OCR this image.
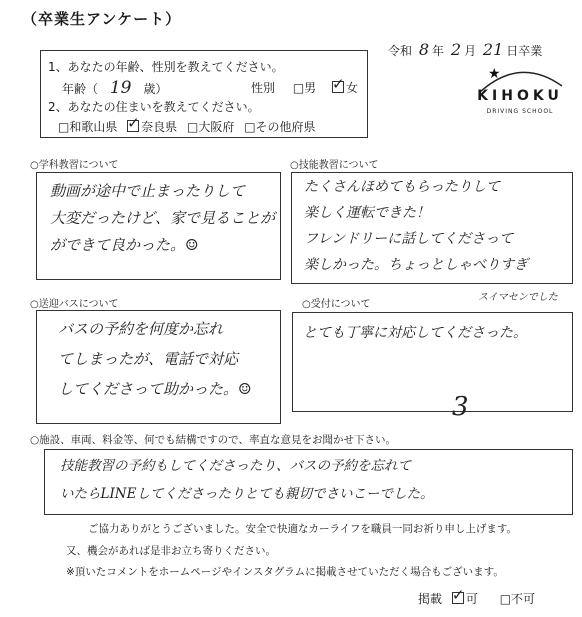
（卒業生アンケート）
令和 8 年 2 月 21 日卒業
★
KIHOKU
DRIVING SCHOOL
1、あなたの年齢、性別を教えてください。
年齢（ 19 歳）	性別 □男 ✓ 女
2、あなたの住まいを教えてください。
□和歌山県 ✓ 奈良県 □大阪府 □その他府県
○学科教習について
動画が途中で止まったりして
大変だったけど、家で見ることが
ができて良かった。☺
○技能教習について
たくさんほめてもらったりして
楽しく運転できた！
フレンドリーに話してくださって
楽しかった。ちょっとしゃべりすぎ
スイマセンでした
○送迎バスについて
バスの予約を何度か忘れ
てしまったが、電話で対応
してくださって助かった。☺
○受付について
とても丁寧に対応してくださった。
3
○施設、車両、料金等、何でも結構ですので、率直な意見をお聞かせ下さい。
技能教習の予約もしてくださったり、バスの予約を忘れて
いたらLINEしてくださったりとても親切でさいこーでした。
ご協力ありがとうございました。安全で快適なカーライフを職員一同お祈り申し上げます。
又、機会があれば是非お立ち寄りください。
※頂いたコメントをホームページやインスタグラムに掲載させていただく場合もございます。
掲載 ✓ 可 □不可
